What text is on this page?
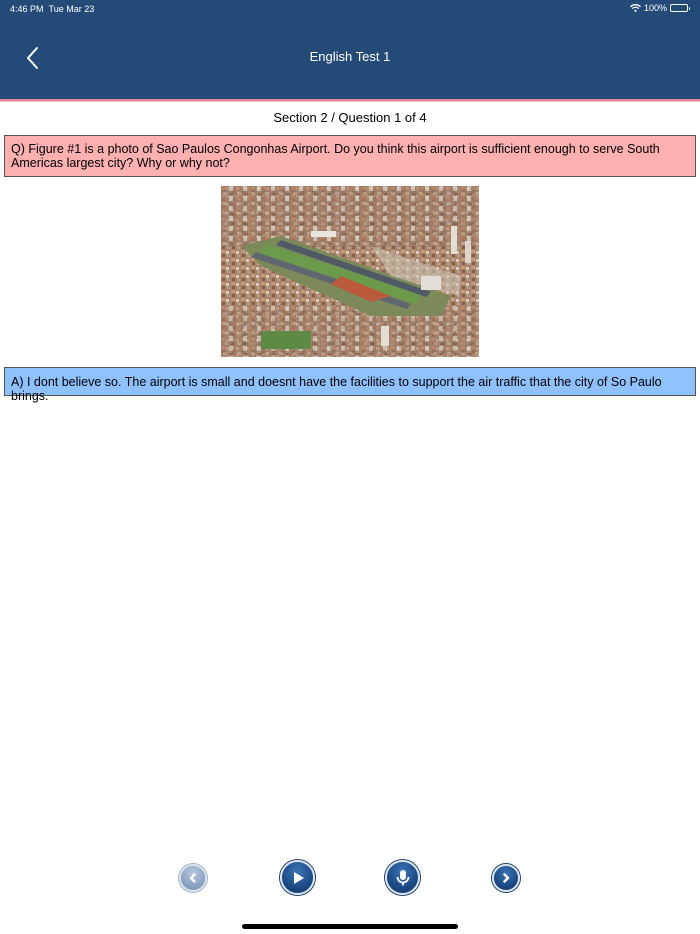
4:46 PM Tue Mar 23	100%
English Test 1
Section 2 / Question 1 of 4
Q) Figure #1 is a photo of Sao Paulos Congonhas Airport. Do you think this airport is sufficient enough to serve South Americas largest city? Why or why not?
A) I dont believe so. The airport is small and doesnt have the facilities to support the air traffic that the city of So Paulo brings.
